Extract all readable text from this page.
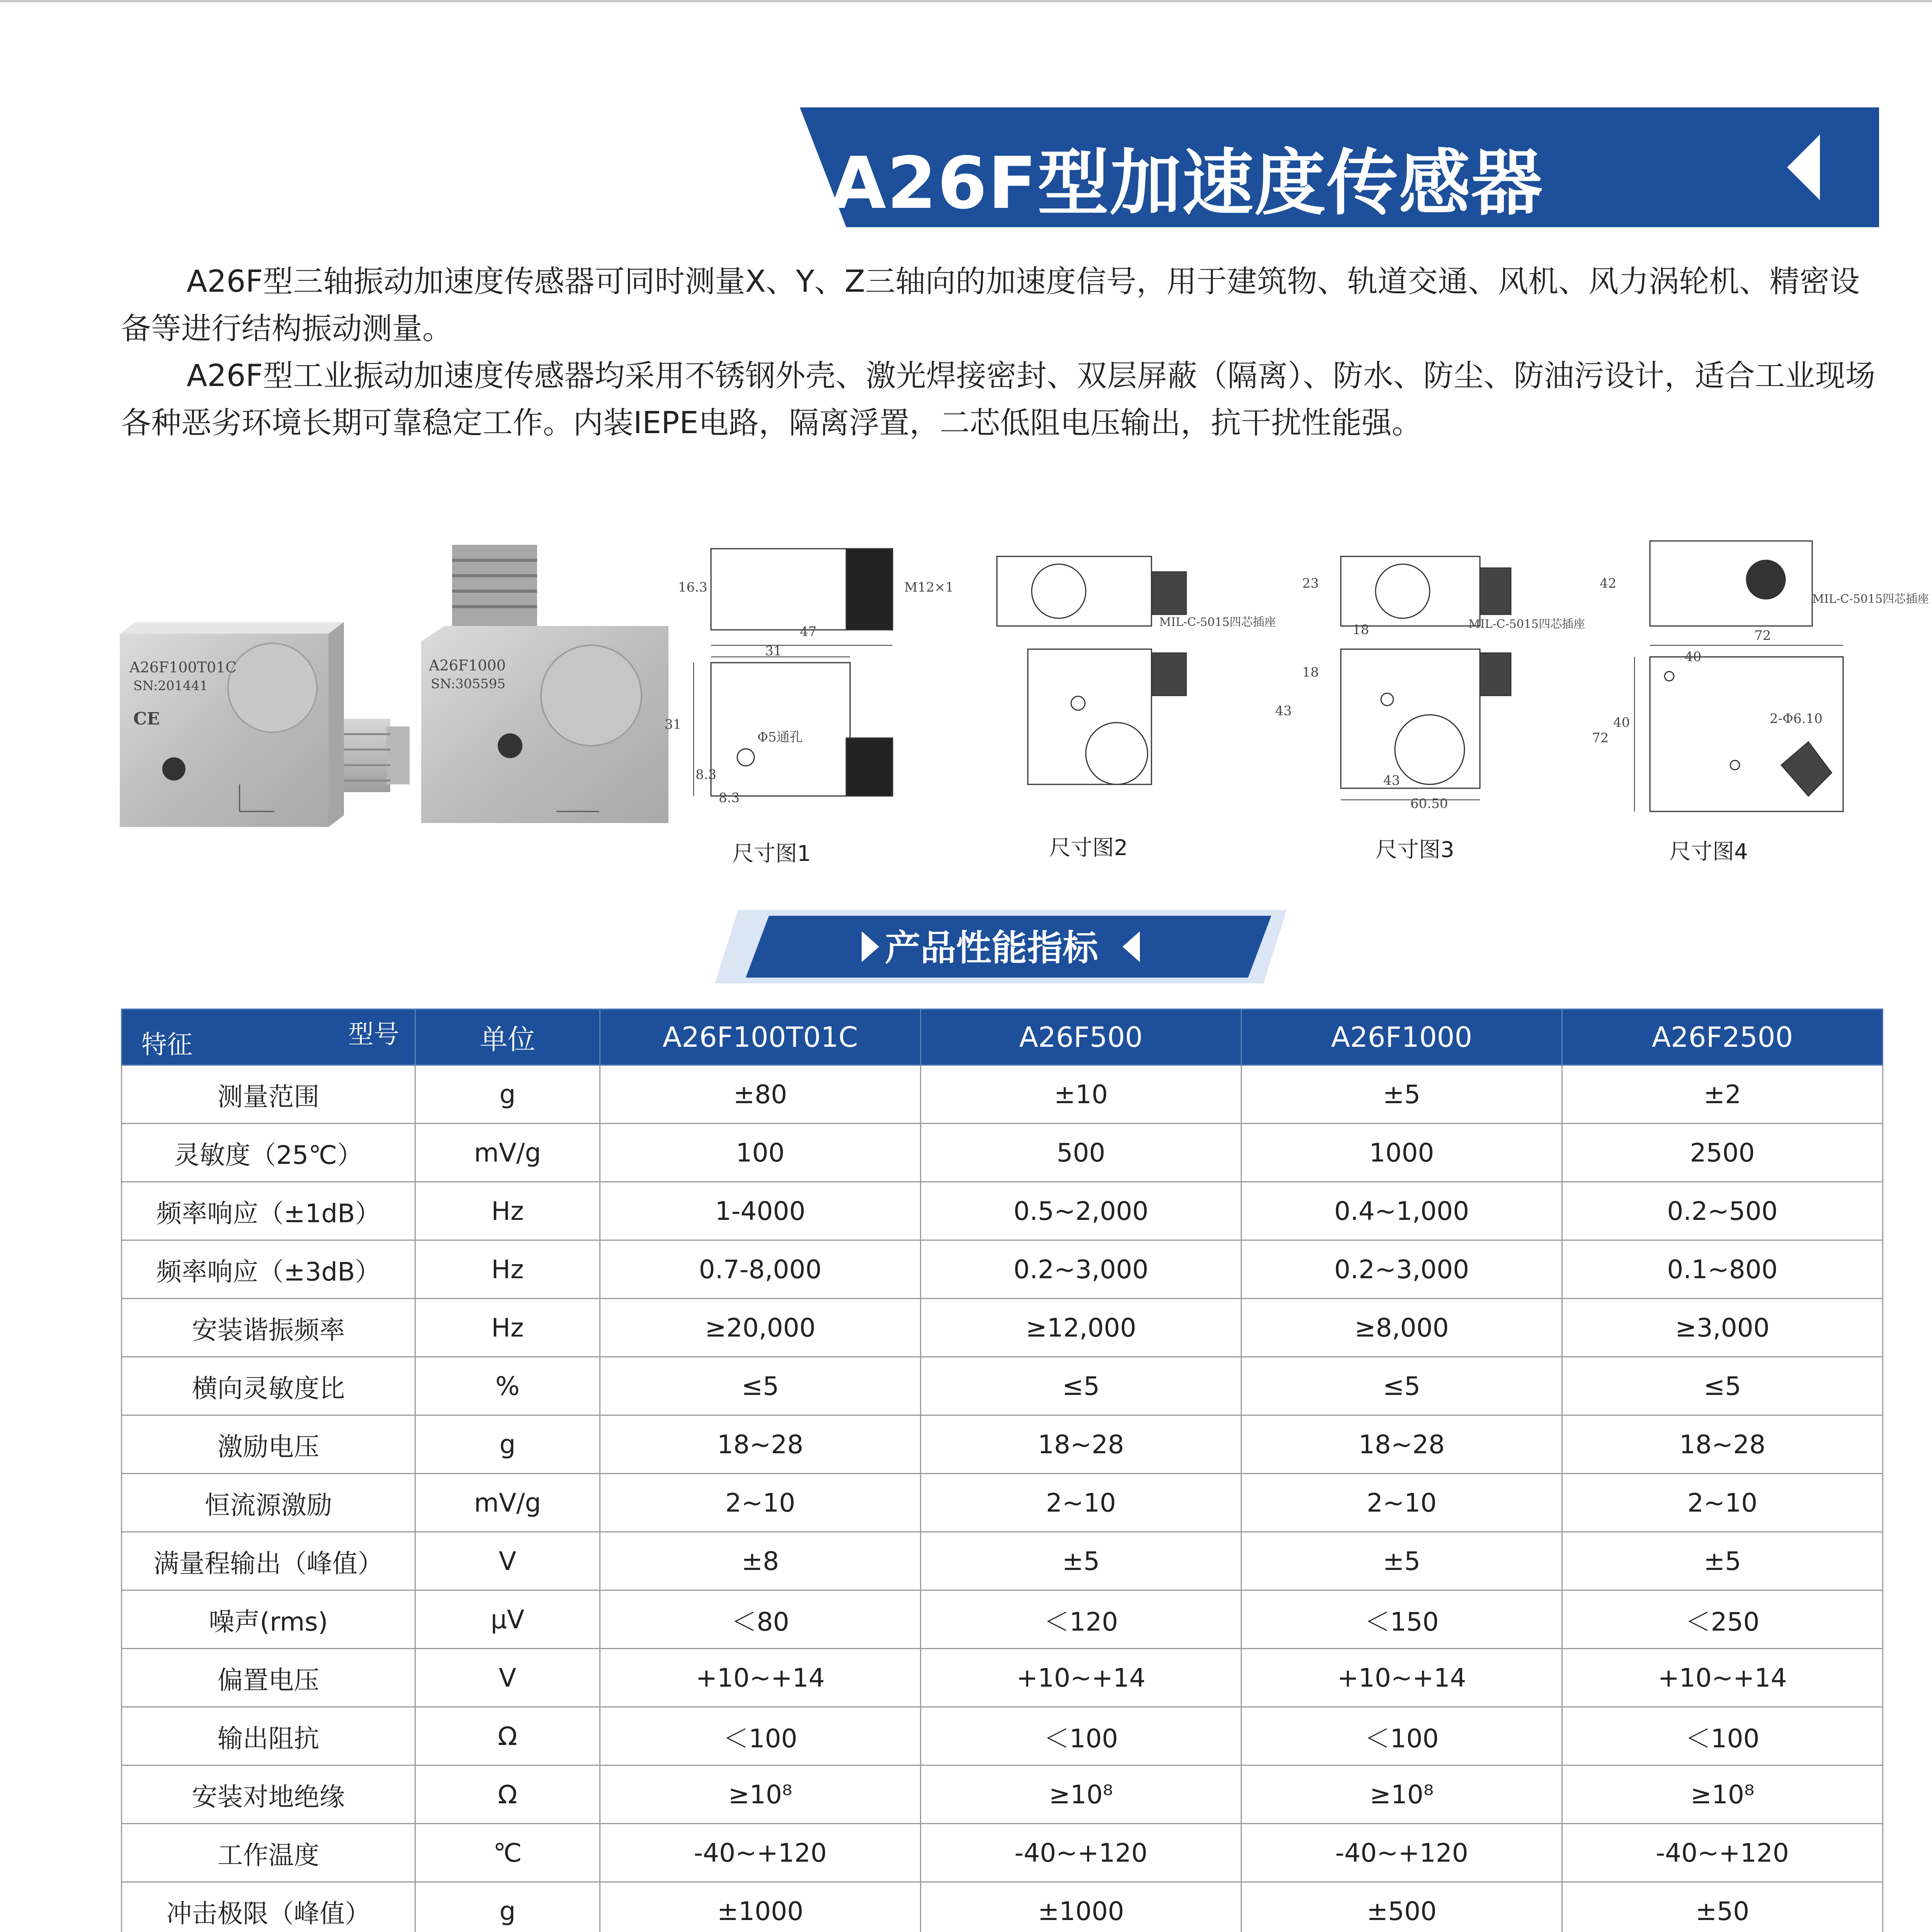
A26F型加速度传感器

A26F型三轴振动加速度传感器可同时测量X、Y、Z三轴向的加速度信号，用于建筑物、轨道交通、风机、风力涡轮机、精密设备等进行结构振动测量。

A26F型工业振动加速度传感器均采用不锈钢外壳、激光焊接密封、双层屏蔽（隔离）、防水、防尘、防油污设计，适合工业现场各种恶劣环境长期可靠稳定工作。内装IEPE电路，隔离浮置，二芯低阻电压输出，抗干扰性能强。

A26F100T01C
SN:201441
CE
A26F1000
SN:305595
M12×1
47
31
31
16.3
8.3
8.3
Φ5通孔
尺寸图1
MIL-C-5015四芯插座
尺寸图2
MIL-C-5015四芯插座
23
18
18
43
43
60.50
尺寸图3
MIL-C-5015四芯插座
42
72
40
40
72
2-Φ6.10
尺寸图4
产品性能指标
型号
特征	单位	A26F100T01C	A26F500	A26F1000	A26F2500
测量范围	g	±80	±10	±5	±2
灵敏度（25℃）	mV/g	100	500	1000	2500
频率响应（±1dB）	Hz	1-4000	0.5~2,000	0.4~1,000	0.2~500
频率响应（±3dB）	Hz	0.7-8,000	0.2~3,000	0.2~3,000	0.1~800
安装谐振频率	Hz	≥20,000	≥12,000	≥8,000	≥3,000
横向灵敏度比	%	≤5	≤5	≤5	≤5
激励电压	g	18~28	18~28	18~28	18~28
恒流源激励	mV/g	2~10	2~10	2~10	2~10
满量程输出（峰值）	V	±8	±5	±5	±5
噪声(rms)	μV	＜80	＜120	＜150	＜250
偏置电压	V	+10~+14	+10~+14	+10~+14	+10~+14
输出阻抗	Ω	＜100	＜100	＜100	＜100
安装对地绝缘	Ω	≥10⁸	≥10⁸	≥10⁸	≥10⁸
工作温度	℃	-40~+120	-40~+120	-40~+120	-40~+120
冲击极限（峰值）	g	±1000	±1000	±500	±50
